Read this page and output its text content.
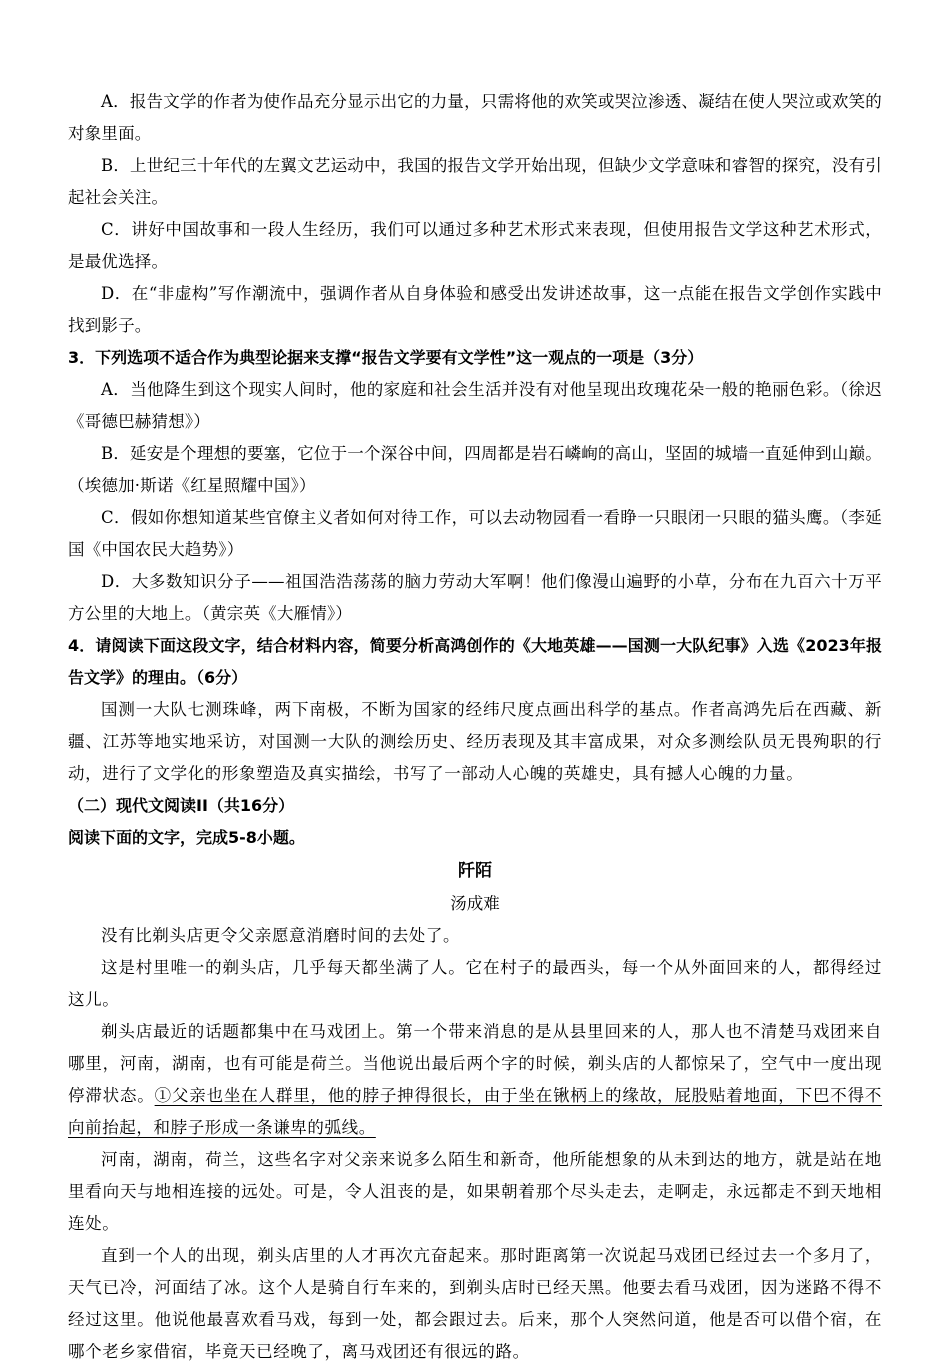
A．报告文学的作者为使作品充分显示出它的力量，只需将他的欢笑或哭泣渗透、凝结在使人哭泣或欢笑的对象里面。

B．上世纪三十年代的左翼文艺运动中，我国的报告文学开始出现，但缺少文学意味和睿智的探究，没有引起社会关注。

C．讲好中国故事和一段人生经历，我们可以通过多种艺术形式来表现，但使用报告文学这种艺术形式，是最优选择。

D．在“非虚构”写作潮流中，强调作者从自身体验和感受出发讲述故事，这一点能在报告文学创作实践中找到影子。

3．下列选项不适合作为典型论据来支撑“报告文学要有文学性”这一观点的一项是（3分）

A．当他降生到这个现实人间时，他的家庭和社会生活并没有对他呈现出玫瑰花朵一般的艳丽色彩。（徐迟《哥德巴赫猜想》）

B．延安是个理想的要塞，它位于一个深谷中间，四周都是岩石嶙峋的高山，坚固的城墙一直延伸到山巅。（埃德加·斯诺《红星照耀中国》）

C．假如你想知道某些官僚主义者如何对待工作，可以去动物园看一看睁一只眼闭一只眼的猫头鹰。（李延国《中国农民大趋势》）

D．大多数知识分子——祖国浩浩荡荡的脑力劳动大军啊！他们像漫山遍野的小草，分布在九百六十万平方公里的大地上。（黄宗英《大雁情》）

4．请阅读下面这段文字，结合材料内容，简要分析高鸿创作的《大地英雄——国测一大队纪事》入选《2023年报告文学》的理由。（6分）

国测一大队七测珠峰，两下南极，不断为国家的经纬尺度点画出科学的基点。作者高鸿先后在西藏、新疆、江苏等地实地采访，对国测一大队的测绘历史、经历表现及其丰富成果，对众多测绘队员无畏殉职的行动，进行了文学化的形象塑造及真实描绘，书写了一部动人心魄的英雄史，具有撼人心魄的力量。

（二）现代文阅读II（共16分）

阅读下面的文字，完成5-8小题。

阡陌

汤成难

没有比剃头店更令父亲愿意消磨时间的去处了。

这是村里唯一的剃头店，几乎每天都坐满了人。它在村子的最西头，每一个从外面回来的人，都得经过这儿。

剃头店最近的话题都集中在马戏团上。第一个带来消息的是从县里回来的人，那人也不清楚马戏团来自哪里，河南，湖南，也有可能是荷兰。当他说出最后两个字的时候，剃头店的人都惊呆了，空气中一度出现停滞状态。①父亲也坐在人群里，他的脖子抻得很长，由于坐在锹柄上的缘故，屁股贴着地面，下巴不得不向前抬起，和脖子形成一条谦卑的弧线。

河南，湖南，荷兰，这些名字对父亲来说多么陌生和新奇，他所能想象的从未到达的地方，就是站在地里看向天与地相连接的远处。可是，令人沮丧的是，如果朝着那个尽头走去，走啊走，永远都走不到天地相连处。

直到一个人的出现，剃头店里的人才再次亢奋起来。那时距离第一次说起马戏团已经过去一个多月了，天气已冷，河面结了冰。这个人是骑自行车来的，到剃头店时已经天黑。他要去看马戏团，因为迷路不得不经过这里。他说他最喜欢看马戏，每到一处，都会跟过去。后来，那个人突然问道，他是否可以借个宿，在哪个老乡家借宿，毕竟天已经晚了，离马戏团还有很远的路。
